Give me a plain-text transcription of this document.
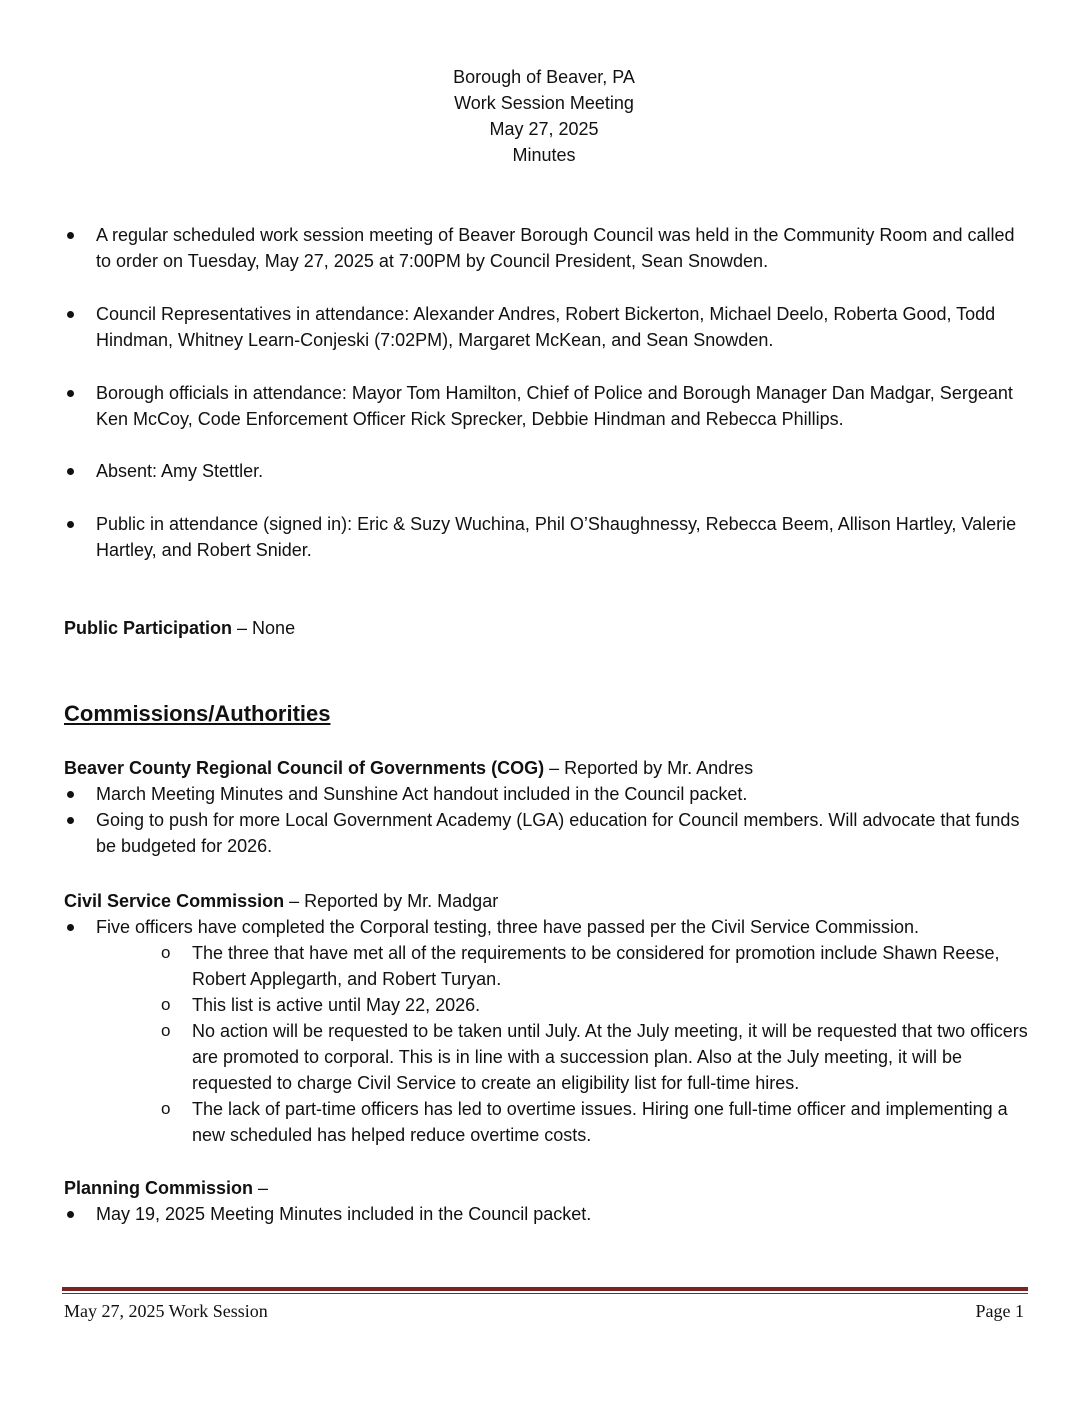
Borough of Beaver, PA
Work Session Meeting
May 27, 2025
Minutes
A regular scheduled work session meeting of Beaver Borough Council was held in the Community Room and called to order on Tuesday, May 27, 2025 at 7:00PM by Council President, Sean Snowden.
Council Representatives in attendance: Alexander Andres, Robert Bickerton, Michael Deelo, Roberta Good, Todd Hindman, Whitney Learn-Conjeski (7:02PM), Margaret McKean, and Sean Snowden.
Borough officials in attendance: Mayor Tom Hamilton, Chief of Police and Borough Manager Dan Madgar, Sergeant Ken McCoy, Code Enforcement Officer Rick Sprecker, Debbie Hindman and Rebecca Phillips.
Absent: Amy Stettler.
Public in attendance (signed in): Eric & Suzy Wuchina, Phil O’Shaughnessy, Rebecca Beem, Allison Hartley, Valerie Hartley, and Robert Snider.
Public Participation – None
Commissions/Authorities
Beaver County Regional Council of Governments (COG) – Reported by Mr. Andres
March Meeting Minutes and Sunshine Act handout included in the Council packet.
Going to push for more Local Government Academy (LGA) education for Council members. Will advocate that funds be budgeted for 2026.
Civil Service Commission – Reported by Mr. Madgar
Five officers have completed the Corporal testing, three have passed per the Civil Service Commission.
o The three that have met all of the requirements to be considered for promotion include Shawn Reese, Robert Applegarth, and Robert Turyan.
o This list is active until May 22, 2026.
o No action will be requested to be taken until July. At the July meeting, it will be requested that two officers are promoted to corporal. This is in line with a succession plan. Also at the July meeting, it will be requested to charge Civil Service to create an eligibility list for full-time hires.
o The lack of part-time officers has led to overtime issues. Hiring one full-time officer and implementing a new scheduled has helped reduce overtime costs.
Planning Commission –
May 19, 2025 Meeting Minutes included in the Council packet.
May 27, 2025 Work Session	Page 1
